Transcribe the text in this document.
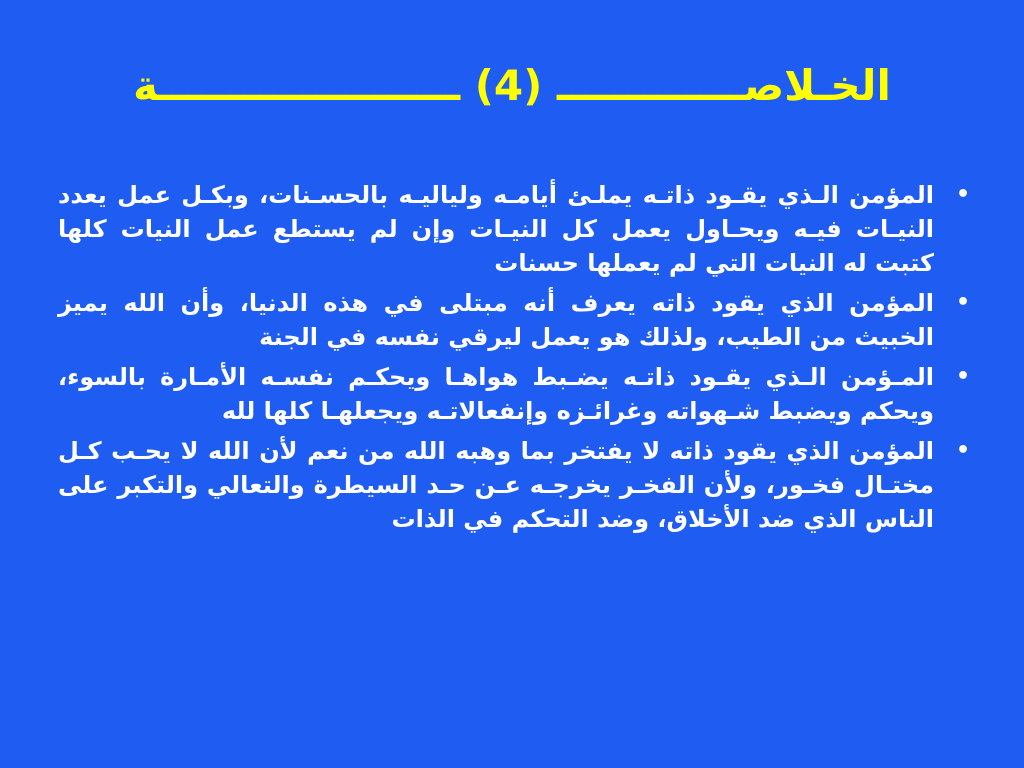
الخـلاصـــــــــــــ (4) ـــــــــــــــــــــة
•
المؤمن الـذي يقـود ذاتـه يملـئ أيامـه ولياليـه بالحسـنات، وبكـل عمل يعدد النيـات فيـه ويحـاول يعمل كل النيـات وإن لم يستطع عمل النيات كلها كتبت له النيات التي لم يعملها حسنات
•
المؤمن الذي يقود ذاته يعرف أنه مبتلى في هذه الدنيا، وأن الله يميز الخبيث من الطيب، ولذلك هو يعمل ليرقي نفسه في الجنة
•
المـؤمن الـذي يقـود ذاتـه يضـبط هواهـا ويحكـم نفسـه الأمـارة بالسوء، ويحكم ويضبط شـهواته وغرائـزه وإنفعالاتـه ويجعلهـا كلها لله
•
المؤمن الذي يقود ذاته لا يفتخر بما وهبه الله من نعم لأن الله لا يحـب كـل مختـال فخـور، ولأن الفخـر يخرجـه عـن حـد السيطرة والتعالي والتكبر على الناس الذي ضد الأخلاق، وضد التحكم في الذات
